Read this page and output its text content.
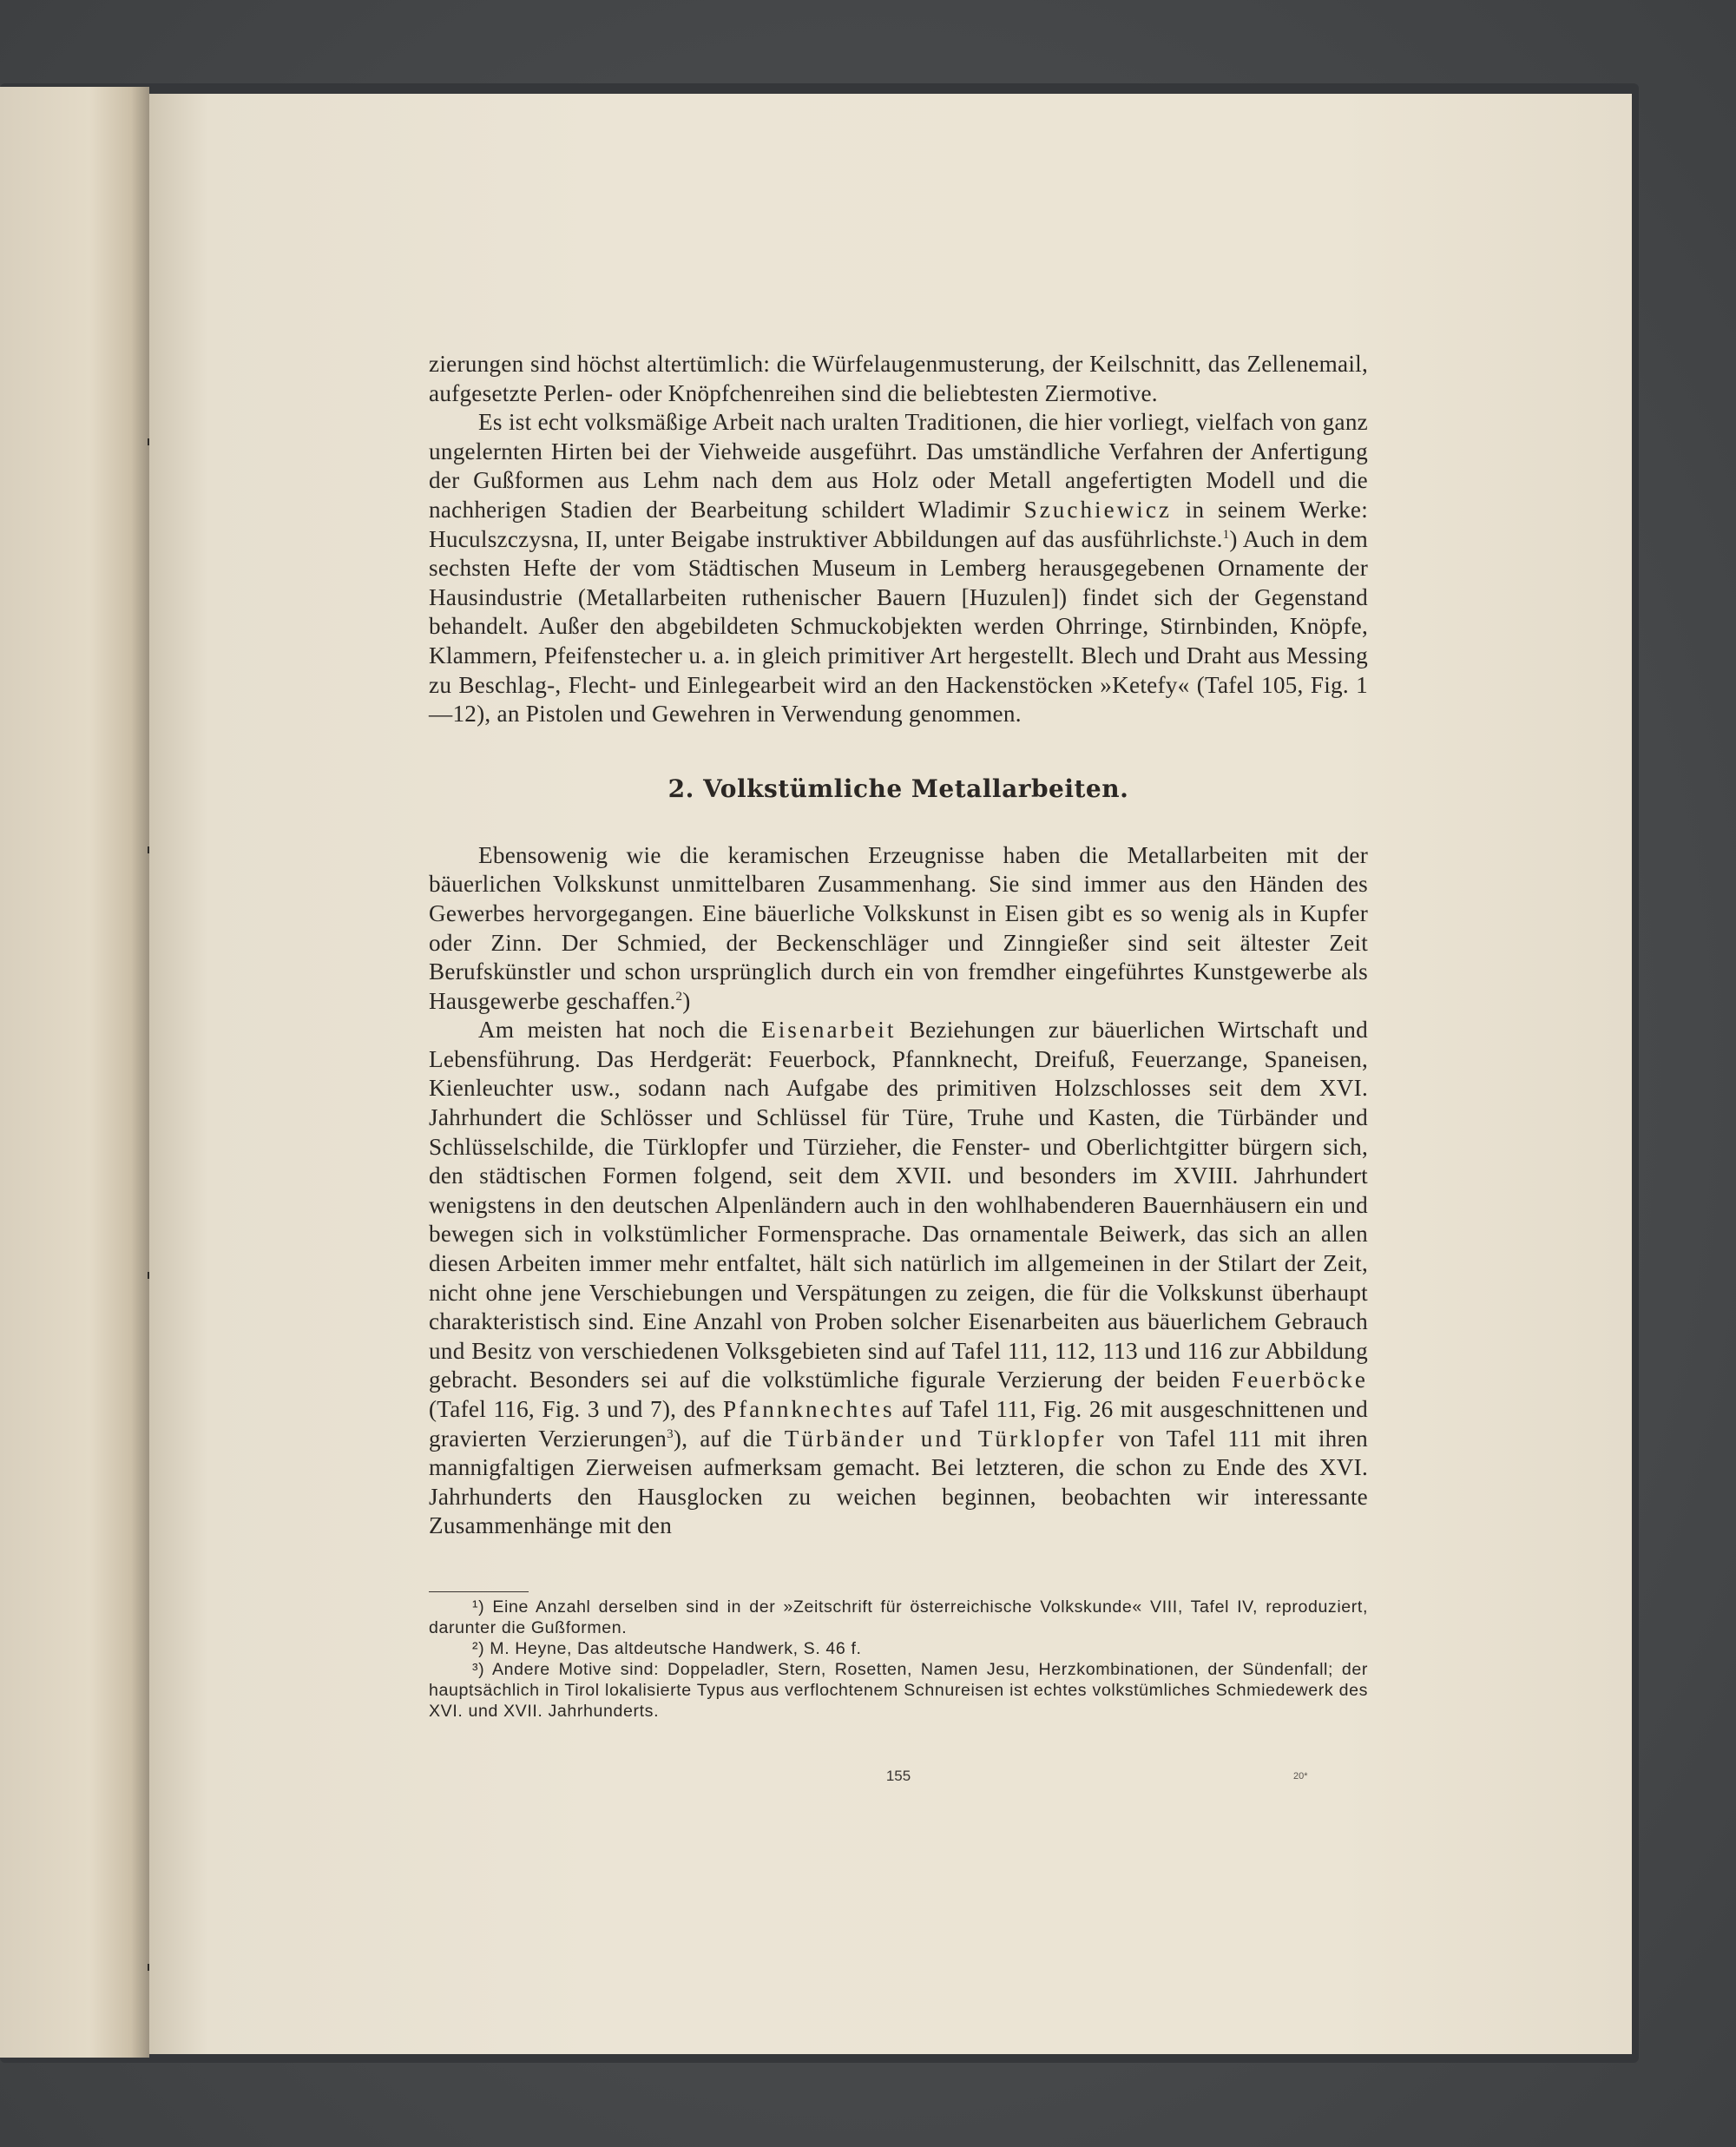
zierungen sind höchst altertümlich: die Würfelaugenmusterung, der Keilschnitt, das Zellenemail, aufgesetzte Perlen- oder Knöpfchenreihen sind die beliebtesten Ziermotive.

Es ist echt volksmäßige Arbeit nach uralten Traditionen, die hier vorliegt, vielfach von ganz ungelernten Hirten bei der Viehweide ausgeführt. Das umständliche Verfahren der Anfertigung der Gußformen aus Lehm nach dem aus Holz oder Metall angefertigten Modell und die nachherigen Stadien der Bearbeitung schildert Wladimir Szuchiewicz in seinem Werke: Huculszczysna, II, unter Beigabe instruktiver Abbildungen auf das ausführlichste.$^1$) Auch in dem sechsten Hefte der vom Städtischen Museum in Lemberg herausgegebenen Ornamente der Hausindustrie (Metallarbeiten ruthenischer Bauern [Huzulen]) findet sich der Gegenstand behandelt. Außer den abgebildeten Schmuckobjekten werden Ohrringe, Stirnbinden, Knöpfe, Klammern, Pfeifenstecher u. a. in gleich primitiver Art hergestellt. Blech und Draht aus Messing zu Beschlag-, Flecht- und Einlegearbeit wird an den Hackenstöcken »Ketefy« (Tafel 105, Fig. 1—12), an Pistolen und Gewehren in Verwendung genommen.

2. Volkstümliche Metallarbeiten.

Ebensowenig wie die keramischen Erzeugnisse haben die Metallarbeiten mit der bäuerlichen Volkskunst unmittelbaren Zusammenhang. Sie sind immer aus den Händen des Gewerbes hervorgegangen. Eine bäuerliche Volkskunst in Eisen gibt es so wenig als in Kupfer oder Zinn. Der Schmied, der Beckenschläger und Zinngießer sind seit ältester Zeit Berufskünstler und schon ursprünglich durch ein von fremdher eingeführtes Kunstgewerbe als Hausgewerbe geschaffen.$^2$)

Am meisten hat noch die Eisenarbeit Beziehungen zur bäuerlichen Wirtschaft und Lebensführung. Das Herdgerät: Feuerbock, Pfannknecht, Dreifuß, Feuerzange, Spaneisen, Kienleuchter usw., sodann nach Aufgabe des primitiven Holzschlosses seit dem XVI. Jahrhundert die Schlösser und Schlüssel für Türe, Truhe und Kasten, die Türbänder und Schlüsselschilde, die Türklopfer und Türzieher, die Fenster- und Oberlichtgitter bürgern sich, den städtischen Formen folgend, seit dem XVII. und besonders im XVIII. Jahrhundert wenigstens in den deutschen Alpenländern auch in den wohlhabenderen Bauernhäusern ein und bewegen sich in volkstümlicher Formensprache. Das ornamentale Beiwerk, das sich an allen diesen Arbeiten immer mehr entfaltet, hält sich natürlich im allgemeinen in der Stilart der Zeit, nicht ohne jene Verschiebungen und Verspätungen zu zeigen, die für die Volkskunst überhaupt charakteristisch sind. Eine Anzahl von Proben solcher Eisenarbeiten aus bäuerlichem Gebrauch und Besitz von verschiedenen Volksgebieten sind auf Tafel 111, 112, 113 und 116 zur Abbildung gebracht. Besonders sei auf die volkstümliche figurale Verzierung der beiden Feuerböcke (Tafel 116, Fig. 3 und 7), des Pfannknechtes auf Tafel 111, Fig. 26 mit ausgeschnittenen und gravierten Verzierungen$^3$), auf die Türbänder und Türklopfer von Tafel 111 mit ihren mannigfaltigen Zierweisen aufmerksam gemacht. Bei letzteren, die schon zu Ende des XVI. Jahrhunderts den Hausglocken zu weichen beginnen, beobachten wir interessante Zusammenhänge mit den

¹) Eine Anzahl derselben sind in der »Zeitschrift für österreichische Volkskunde« VIII, Tafel IV, reproduziert, darunter die Gußformen.

²) M. Heyne, Das altdeutsche Handwerk, S. 46 f.

³) Andere Motive sind: Doppeladler, Stern, Rosetten, Namen Jesu, Herzkombinationen, der Sündenfall; der hauptsächlich in Tirol lokalisierte Typus aus verflochtenem Schnureisen ist echtes volkstümliches Schmiedewerk des XVI. und XVII. Jahrhunderts.

155	20*
